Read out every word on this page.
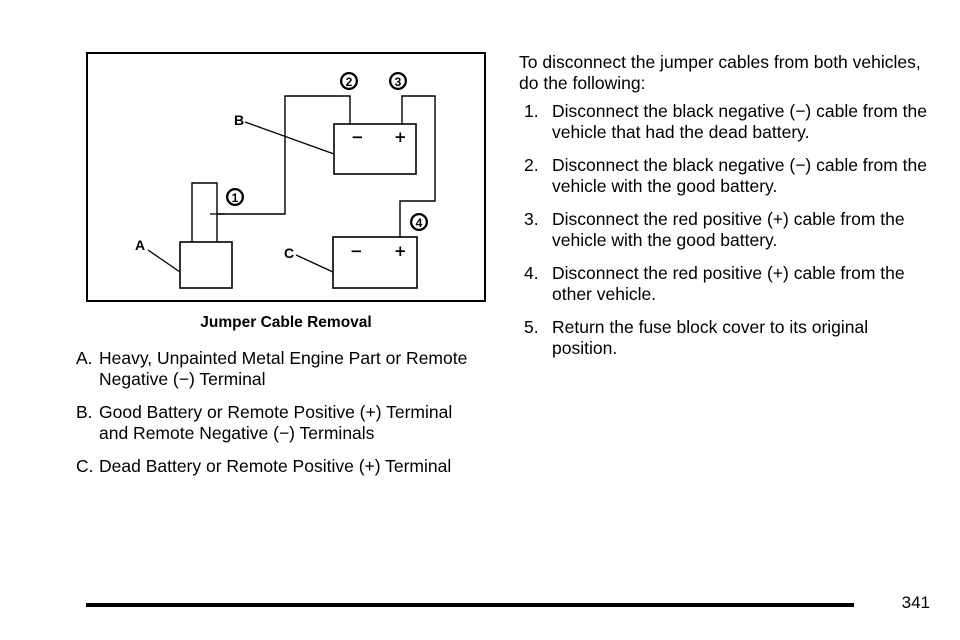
− +
− +
A
B
C
1
2	3
4
Jumper Cable Removal
A. Heavy, Unpainted Metal Engine Part or Remote Negative (−) Terminal
B. Good Battery or Remote Positive (+) Terminal and Remote Negative (−) Terminals
C. Dead Battery or Remote Positive (+) Terminal

To disconnect the jumper cables from both vehicles, do the following:

1. Disconnect the black negative (−) cable from the vehicle that had the dead battery.
2. Disconnect the black negative (−) cable from the vehicle with the good battery.
3. Disconnect the red positive (+) cable from the vehicle with the good battery.
4. Disconnect the red positive (+) cable from the other vehicle.
5. Return the fuse block cover to its original position.
341
